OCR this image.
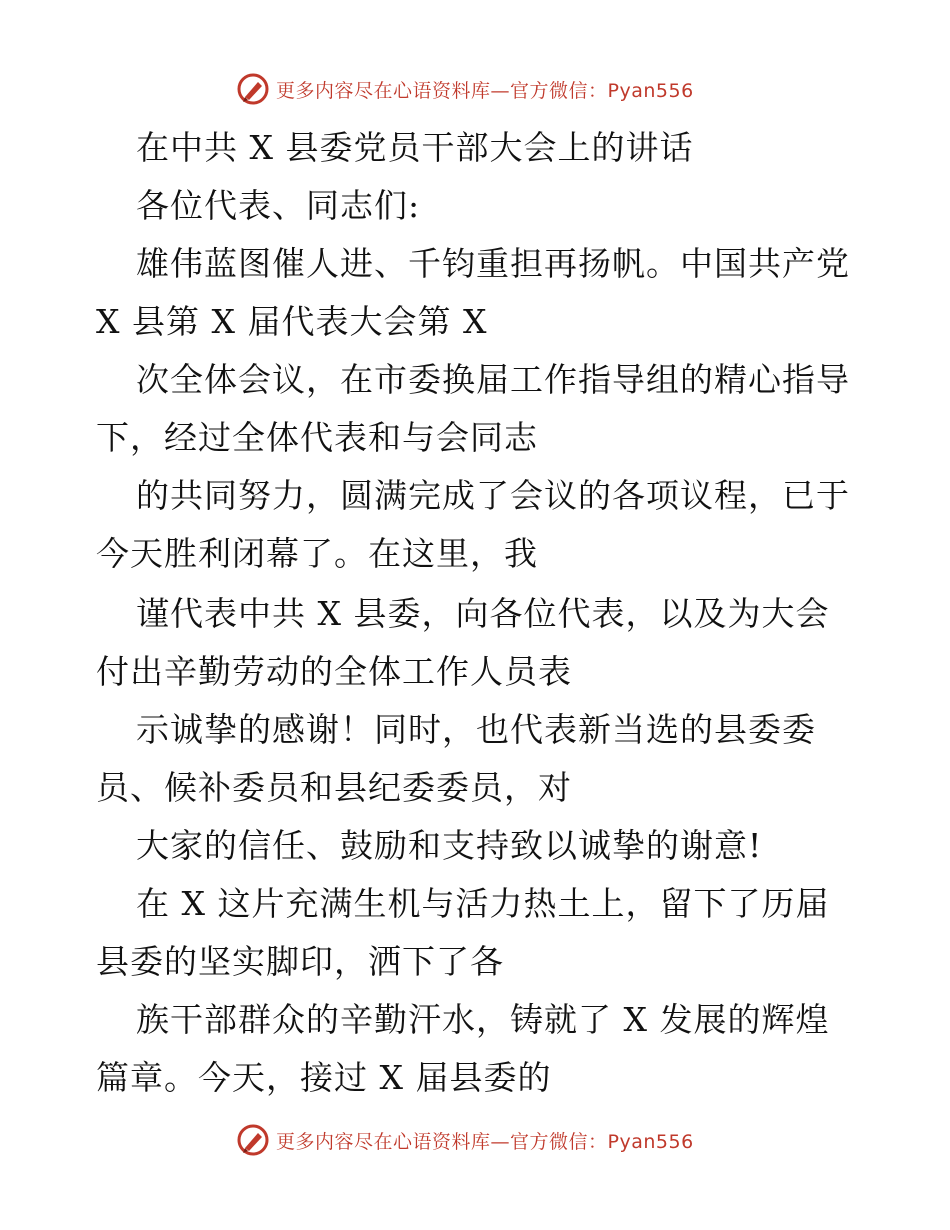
更多内容尽在心语资料库—官方微信：Pyan556
在中共 X 县委党员干部大会上的讲话
各位代表、同志们:
雄伟蓝图催人进、千钧重担再扬帆。中国共产党
X 县第 X 届代表大会第 X
次全体会议，在市委换届工作指导组的精心指导
下，经过全体代表和与会同志
的共同努力，圆满完成了会议的各项议程，已于
今天胜利闭幕了。在这里，我
谨代表中共 X 县委，向各位代表，以及为大会
付出辛勤劳动的全体工作人员表
示诚挚的感谢！同时，也代表新当选的县委委
员、候补委员和县纪委委员，对
大家的信任、鼓励和支持致以诚挚的谢意!
在 X 这片充满生机与活力热土上，留下了历届
县委的坚实脚印，洒下了各
族干部群众的辛勤汗水，铸就了 X 发展的辉煌
篇章。今天，接过 X 届县委的
更多内容尽在心语资料库—官方微信：Pyan556
